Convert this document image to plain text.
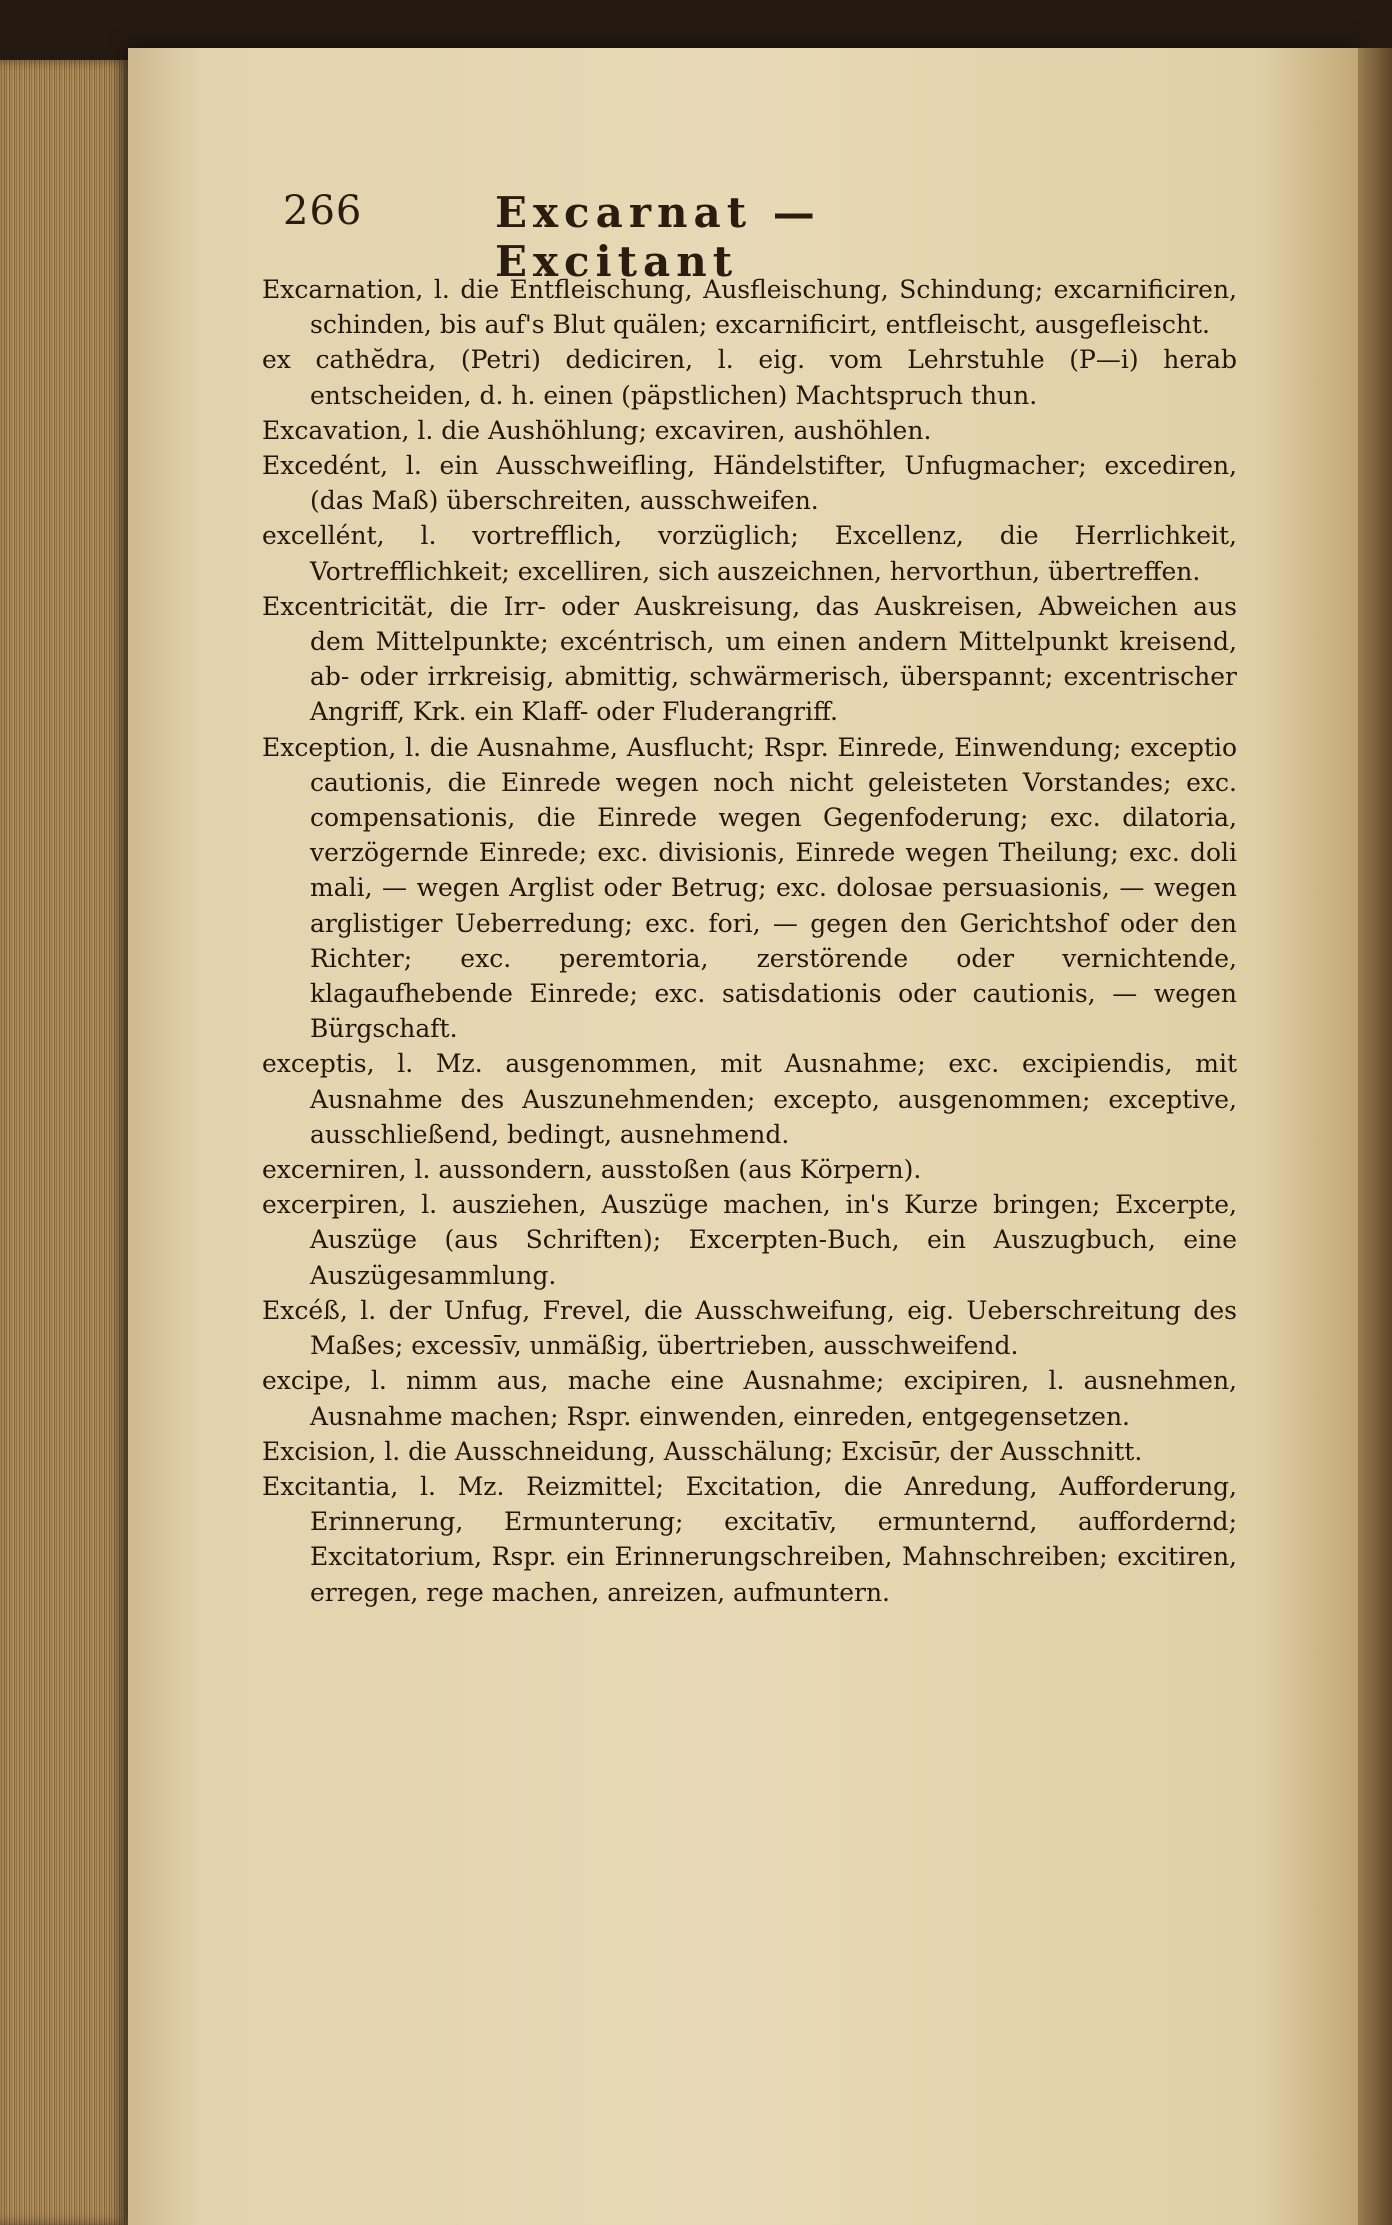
266	Excarnat — Excitant

Excarnation, l. die Entfleischung, Ausfleischung, Schindung; excarnificiren, schinden, bis auf's Blut quälen; excarnificirt, entfleischt, ausgefleischt.

ex cathĕdra, (Petri) dediciren, l. eig. vom Lehrstuhle (P—i) herab entscheiden, d. h. einen (päpstlichen) Machtspruch thun.

Excavation, l. die Aushöhlung; excaviren, aushöhlen.

Excedént, l. ein Ausschweifling, Händelstifter, Unfugmacher; excediren, (das Maß) überschreiten, ausschweifen.

excellént, l. vortrefflich, vorzüglich; Excellenz, die Herrlichkeit, Vortrefflichkeit; excelliren, sich auszeichnen, hervorthun, übertreffen.

Excentricität, die Irr- oder Auskreisung, das Auskreisen, Abweichen aus dem Mittelpunkte; excéntrisch, um einen andern Mittelpunkt kreisend, ab- oder irrkreisig, abmittig, schwärmerisch, überspannt; excentrischer Angriff, Krk. ein Klaff- oder Fluderangriff.

Exception, l. die Ausnahme, Ausflucht; Rspr. Einrede, Einwendung; exceptio cautionis, die Einrede wegen noch nicht geleisteten Vorstandes; exc. compensationis, die Einrede wegen Gegenfoderung; exc. dilatoria, verzögernde Einrede; exc. divisionis, Einrede wegen Theilung; exc. doli mali, — wegen Arglist oder Betrug; exc. dolosae persuasionis, — wegen arglistiger Ueberredung; exc. fori, — gegen den Gerichtshof oder den Richter; exc. peremtoria, zerstörende oder vernichtende, klagaufhebende Einrede; exc. satisdationis oder cautionis, — wegen Bürgschaft.

exceptis, l. Mz. ausgenommen, mit Ausnahme; exc. excipiendis, mit Ausnahme des Auszunehmenden; excepto, ausgenommen; exceptive, ausschließend, bedingt, ausnehmend.

excerniren, l. aussondern, ausstoßen (aus Körpern).

excerpiren, l. ausziehen, Auszüge machen, in's Kurze bringen; Excerpte, Auszüge (aus Schriften); Excerpten-Buch, ein Auszugbuch, eine Auszügesammlung.

Excéß, l. der Unfug, Frevel, die Ausschweifung, eig. Ueberschreitung des Maßes; excessīv, unmäßig, übertrieben, ausschweifend.

excipe, l. nimm aus, mache eine Ausnahme; excipiren, l. ausnehmen, Ausnahme machen; Rspr. einwenden, einreden, entgegensetzen.

Excision, l. die Ausschneidung, Ausschälung; Excisūr, der Ausschnitt.

Excitantia, l. Mz. Reizmittel; Excitation, die Anredung, Aufforderung, Erinnerung, Ermunterung; excitatīv, ermunternd, auffordernd; Excitatorium, Rspr. ein Erinnerungschreiben, Mahnschreiben; excitiren, erregen, rege machen, anreizen, aufmuntern.
